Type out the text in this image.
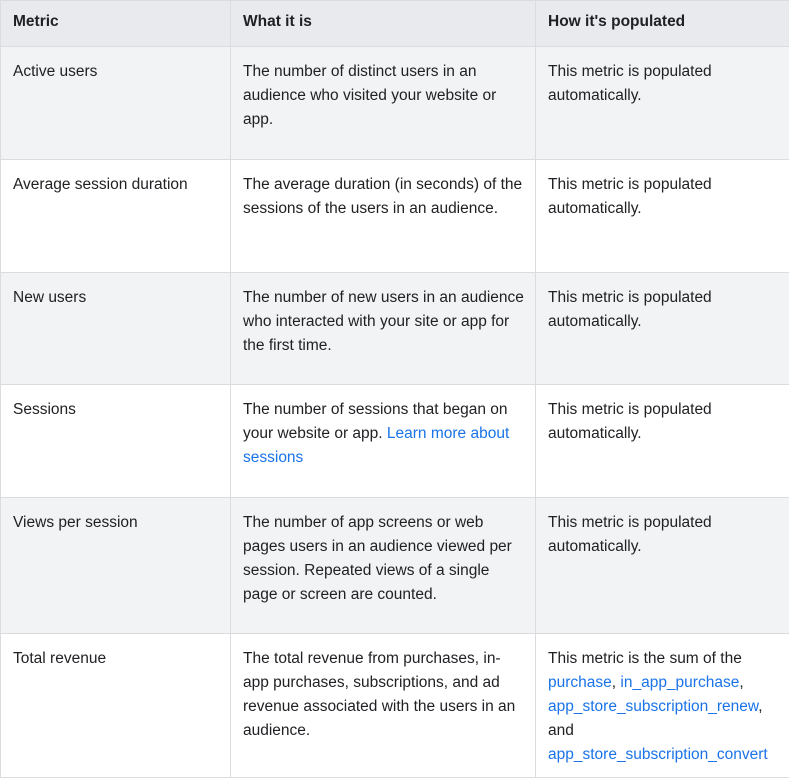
Metric	What it is	How it's populated
Active users	The number of distinct users in an audience who visited your website or app.	This metric is populated automatically.
Average session duration	The average duration (in seconds) of the sessions of the users in an audience.	This metric is populated automatically.
New users	The number of new users in an audience who interacted with your site or app for the first time.	This metric is populated automatically.
Sessions	The number of sessions that began on your website or app. Learn more about sessions	This metric is populated automatically.
Views per session	The number of app screens or web pages users in an audience viewed per session. Repeated views of a single page or screen are counted.	This metric is populated automatically.
Total revenue	The total revenue from purchases, in-app purchases, subscriptions, and ad revenue associated with the users in an audience.	This metric is the sum of the purchase, in_app_purchase, app_store_subscription_renew, and app_store_subscription_convert
